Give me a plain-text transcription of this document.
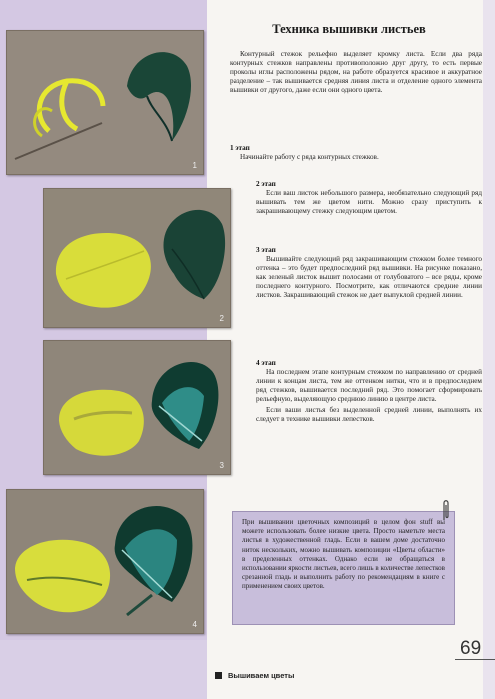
1
2
3
4
Техника вышивки листьев

Контурный стежок рельефно выделяет кромку листа. Если два ряда контурных стежков направлены противоположно друг другу, то есть первые проколы иглы расположены рядом, на работе образуется красивое и аккуратное разделение – так вышивается средняя линия листа и отделение одного элемента вышивки от другого, даже если они одного цвета.

1 этап

Начинайте работу с ряда контурных стежков.

2 этап

Если ваш листок небольшого размера, необязательно следующий ряд вышивать тем же цветом нити. Можно сразу приступить к закрашивающему стежку следующим цветом.

3 этап

Вышивайте следующий ряд закрашивающим стежком более темного оттенка – это будет предпоследний ряд вышивки. На рисунке показано, как зеленый листок вышит полосами от голубоватого – все ряды, кроме последнего контурного. Посмотрите, как отличаются средние линии листков. Закрашивающий стежок не дает выпуклой средней линии.

4 этап

На последнем этапе контурным стежком по направлению от средней линии к концам листа, тем же оттенком нитки, что и в предпоследнем ряд стежков, вышивается последний ряд. Это помогает сформировать рельефную, выделяющую среднюю линию в центре листа.

Если ваши листья без выделенной средней линии, выполнять их следует в технике вышивки лепестков.

При вышивании цветочных композиций в целом фон stuff вы можете использовать более низкие цвета. Просто наметьте места листья в художественной гладь. Если в вашем доме достаточно ниток нескольких, можно вышивать композиции «Цветы области» в пределенных оттенках. Однако если не обращаться в использовании яркости листьев, всего лишь в количестве лепестков срезанной гладь и выполнить работу по рекомендациям в книге с применением своих цветов.
69
Вышиваем цветы
